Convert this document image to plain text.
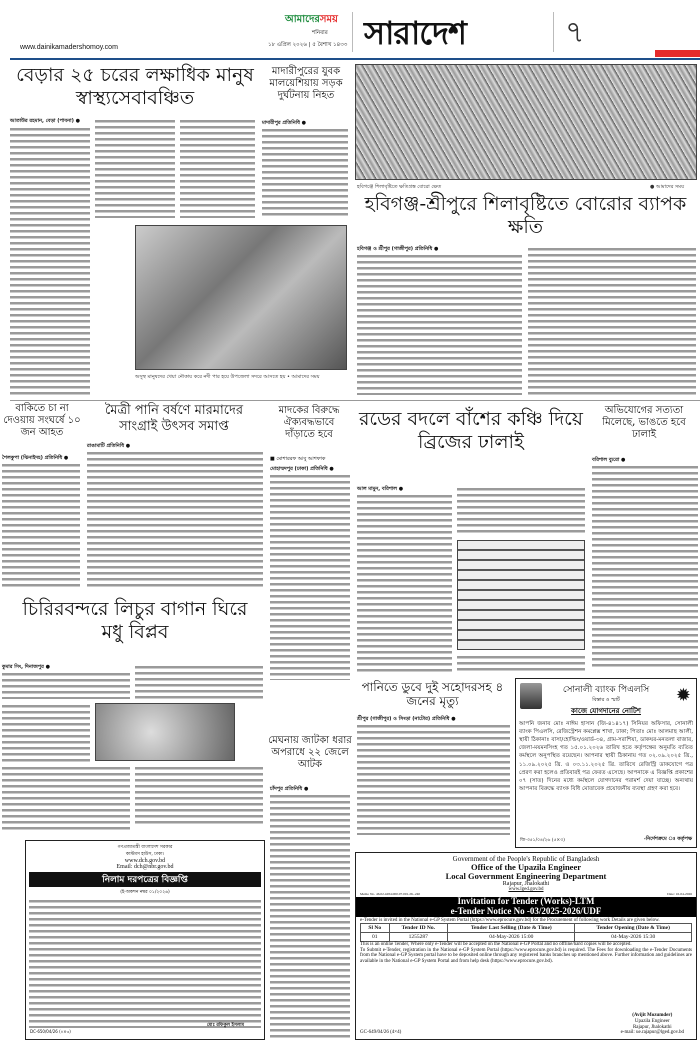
www.dainikamadershomoy.com
আমাদেরসময়
শনিবার
১৮ এপ্রিল ২০২৬ | ৫ বৈশাখ ১৪৩৩ সারাদেশ	৭
বেড়ার ২৫ চরের লক্ষাধিক মানুষ স্বাস্থ্যসেবাবঞ্চিত
আতাউর রহমান, বেড়া (পাবনা) ●
অসুস্থ মানুষদের খেয়া নৌকায় করে নদী পার হয়ে উপজেলা সদরে আসতে হয় • আমাদের সময়
মাদারীপুরের যুবক মালয়েশিয়ায় সড়ক দুর্ঘটনায় নিহত
মাদারীপুর প্রতিনিধি ●
হবিগঞ্জে শিলাবৃষ্টিতে ক্ষতিগ্রস্ত বোরো ক্ষেত	● আমাদের সময়
হবিগঞ্জ-শ্রীপুরে শিলাবৃষ্টিতে বোরোর ব্যাপক ক্ষতি
হবিগঞ্জ ও শ্রীপুর (গাজীপুর) প্রতিনিধি ●
বাকিতে চা না দেওয়ায় সংঘর্ষে ১০ জন আহত
শৈলকুপা (ঝিনাইদহ) প্রতিনিধি ●
মৈত্রী পানি বর্ষণে মারমাদের সাংগ্রাই উৎসব সমাপ্ত
রাঙামাটি প্রতিনিধি ●
মাদকের বিরুদ্ধে ঐক্যবদ্ধভাবে দাঁড়াতে হবে
■ মোশাররফ আবু আশফাক
মোহাম্মদপুর (ঢাকা) প্রতিনিধি ●
রডের বদলে বাঁশের কঞ্চি দিয়ে ব্রিজের ঢালাই
আল মামুন, বরিশাল ●
অভিযোগের সত্যতা মিলেছে, ভাঙতে হবে ঢালাই
বরিশাল ব্যুরো ●
চিরিরবন্দরে লিচুর বাগান ঘিরে মধু বিপ্লব
কুমার সিং, দিনাজপুর ●
পানিতে ডুবে দুই সহোদরসহ ৪ জনের মৃত্যু
শ্রীপুর (গাজীপুর) ও সিংড়া (নাটোর) প্রতিনিধি ●
মেঘনায় জাটকা ধরার অপরাধে ২২ জেলে আটক
চাঁদপুর প্রতিনিধি ●
✹
সোনালী ব্যাংক পিএলসি
বিস্তার ও স্মার্ট
কাজে যোগদানের নোটিশ
আপনি জনাব মোঃ নাঈম হাসান (জি-৪১৪১৭) সিনিয়র অফিসার, সোনালী ব্যাংক পিএলসি, রেজিস্ট্রেশন কমপ্লেক্স শাখা, ঢাকা; পিতাঃ মোঃ আলমাছ আলী, স্থায়ী ঠিকানাঃ বাসা/হোল্ডিং/ওয়ার্ড-৩৪, গ্রাম-সরাশিয়া, ডাকঘর-মনতলা বাজার, জেলা-ময়মনসিংহ গত ১৫.০১.২০২৬ তারিখ হতে কর্তৃপক্ষের অনুমতি ব্যতিত কর্মস্থলে অনুপস্থিত রয়েছেন। আপনার স্থায়ী ঠিকানায় গত ০২.০৯.২০২৫ খ্রি., ১১.০৯.২০২৫ খ্রি. ও ০৩.১১.২০২৫ খ্রি. তারিখে রেজিস্ট্রি ডাকযোগে পত্র প্রেরণ করা হলেও প্রতিবারই পত্র ফেরত এসেছে। আপনাকে এ বিজ্ঞপ্তি প্রকাশের ০৭ (সাত) দিনের মধ্যে কর্মস্থলে যোগদানের পরামর্শ দেয়া যাচ্ছে। অন্যথায় আপনার বিরুদ্ধে ব্যাংক বিধি মোতাবেক প্রয়োজনীয় ব্যবস্থা গ্রহণ করা হবে।
জি-৩৫১/০৪/২৬ (৫×৩)	-নির্দেশক্রমে ঃ কর্তৃপক্ষ
গণপ্রজাতন্ত্রী বাংলাদেশ সরকার
কাস্টমস হাউস, ঢাকা।
www.dch.gov.bd
Email: dch@nbr.gov.bd
নিলাম দরপত্রের বিজ্ঞপ্তি
(ই-অকশন নম্বর ০১/২০২৬)
DC-650/04/26 (৪×৩)
মোঃ রফিকুল ইসলাম
Government of the People's Republic of Bangladesh
Office of the Upazila Engineer
Local Government Engineering Department
Rajapur, Jhalokathi
www.lged.gov.bd
Memo No. 46.02.4284.000.07.001.26-.240	Date: 16-04-2026
Invitation for Tender (Works)-LTM
e-Tender Notice No -03/2025-2026/UDF
e-Tender is invited in the National e-GP System Portal (https://www.eprocure.gov.bd) for the Procurement of following work Details are given below.
Sl No	Tender ID No.	Tender Last Selling (Date & Time)	Tender Opening (Date & Time)
01	1255287	04-May-2026 15:00	04-May-2026 15:30
This is an online Tender, Where only e-Tender will be accepted on the National e-GP Portal and no offline/hard copies will be accepted.
To Submit e-Tender, registration in the National e-GP System Portal (https://www.eprocure.gov.bd) is required. The Fees for downloading the e-Tender Documents from the National e-GP System portal have to be deposited online through any registered banks branches up mentioned above. Further information and guidelines are available in the National e-GP System Portal and from help desk (https://www.eprocure.gov.bd).
(Avijit Mozumder)
Upazila Engineer
Rajapur, Jhalokathi
e-mail: ue.rajapur@lged.gov.bd
GC-649/04/26 (4×4)
